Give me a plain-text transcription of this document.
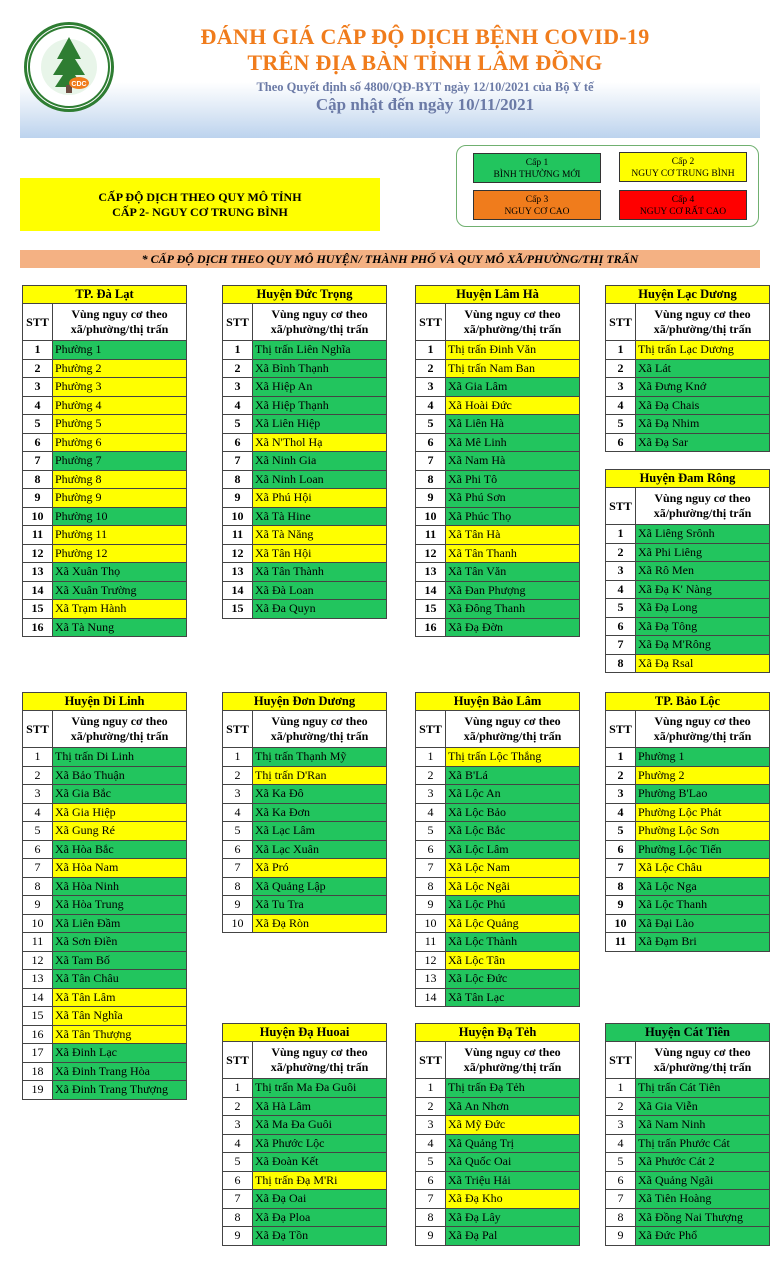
CDC
ĐÁNH GIÁ CẤP ĐỘ DỊCH BỆNH COVID-19
TRÊN ĐỊA BÀN TỈNH LÂM ĐỒNG
Theo Quyết định số 4800/QĐ-BYT ngày 12/10/2021 của Bộ Y tế
Cập nhật đến ngày 10/11/2021
Cấp 1
BÌNH THƯỜNG MỚI
Cấp 2
NGUY CƠ TRUNG BÌNH
Cấp 3
NGUY CƠ CAO
Cấp 4
NGUY CƠ RẤT CAO
CẤP ĐỘ DỊCH THEO QUY MÔ TỈNH
CẤP 2- NGUY CƠ TRUNG BÌNH
* CẤP ĐỘ DỊCH THEO QUY MÔ HUYỆN/ THÀNH PHỐ VÀ QUY MÔ XÃ/PHƯỜNG/THỊ TRẤN
TP. Đà Lạt	
STT	Vùng nguy cơ theo xã/phường/thị trấn
1	Phường 1
2	Phường 2
3	Phường 3
4	Phường 4
5	Phường 5
6	Phường 6
7	Phường 7
8	Phường 8
9	Phường 9
10	Phường 10
11	Phường 11
12	Phường 12
13	Xã Xuân Thọ
14	Xã Xuân Trường
15	Xã Trạm Hành
16	Xã Tà Nung
Huyện Đức Trọng	
STT	Vùng nguy cơ theo xã/phường/thị trấn
1	Thị trấn Liên Nghĩa
2	Xã Bình Thạnh
3	Xã Hiệp An
4	Xã Hiệp Thạnh
5	Xã Liên Hiệp
6	Xã N'Thol Hạ
7	Xã Ninh Gia
8	Xã Ninh Loan
9	Xã Phú Hội
10	Xã Tà Hine
11	Xã Tà Năng
12	Xã Tân Hội
13	Xã Tân Thành
14	Xã Đà Loan
15	Xã Đa Quyn
Huyện Lâm Hà	
STT	Vùng nguy cơ theo xã/phường/thị trấn
1	Thị trấn Đinh Văn
2	Thị trấn Nam Ban
3	Xã Gia Lâm
4	Xã Hoài Đức
5	Xã Liên Hà
6	Xã Mê Linh
7	Xã Nam Hà
8	Xã Phi Tô
9	Xã Phú Sơn
10	Xã Phúc Thọ
11	Xã Tân Hà
12	Xã Tân Thanh
13	Xã Tân Văn
14	Xã Đan Phượng
15	Xã Đông Thanh
16	Xã Đạ Đờn
Huyện Lạc Dương	
STT	Vùng nguy cơ theo xã/phường/thị trấn
1	Thị trấn Lạc Dương
2	Xã Lát
3	Xã Đưng Knớ
4	Xã Đạ Chais
5	Xã Đạ Nhim
6	Xã Đạ Sar
Huyện Đam Rông	
STT	Vùng nguy cơ theo xã/phường/thị trấn
1	Xã Liêng Srônh
2	Xã Phi Liêng
3	Xã Rô Men
4	Xã Đạ K' Nàng
5	Xã Đạ Long
6	Xã Đạ Tông
7	Xã Đạ M'Rông
8	Xã Đạ Rsal
Huyện Di Linh	
STT	Vùng nguy cơ theo xã/phường/thị trấn
1	Thị trấn Di Linh
2	Xã Bảo Thuận
3	Xã Gia Bắc
4	Xã Gia Hiệp
5	Xã Gung Ré
6	Xã Hòa Bắc
7	Xã Hòa Nam
8	Xã Hòa Ninh
9	Xã Hòa Trung
10	Xã Liên Đầm
11	Xã Sơn Điền
12	Xã Tam Bố
13	Xã Tân Châu
14	Xã Tân Lâm
15	Xã Tân Nghĩa
16	Xã Tân Thượng
17	Xã Đinh Lạc
18	Xã Đinh Trang Hòa
19	Xã Đinh Trang Thượng
Huyện Đơn Dương	
STT	Vùng nguy cơ theo xã/phường/thị trấn
1	Thị trấn Thạnh Mỹ
2	Thị trấn D'Ran
3	Xã Ka Đô
4	Xã Ka Đơn
5	Xã Lạc Lâm
6	Xã Lạc Xuân
7	Xã Pró
8	Xã Quảng Lập
9	Xã Tu Tra
10	Xã Đạ Ròn
Huyện Bảo Lâm	
STT	Vùng nguy cơ theo xã/phường/thị trấn
1	Thị trấn Lộc Thắng
2	Xã B'Lá
3	Xã Lộc An
4	Xã Lộc Bảo
5	Xã Lộc Bắc
6	Xã Lộc Lâm
7	Xã Lộc Nam
8	Xã Lộc Ngãi
9	Xã Lộc Phú
10	Xã Lộc Quảng
11	Xã Lộc Thành
12	Xã Lộc Tân
13	Xã Lộc Đức
14	Xã Tân Lạc
TP. Bảo Lộc	
STT	Vùng nguy cơ theo xã/phường/thị trấn
1	Phường 1
2	Phường 2
3	Phường B'Lao
4	Phường Lộc Phát
5	Phường Lộc Sơn
6	Phường Lộc Tiến
7	Xã Lộc Châu
8	Xã Lộc Nga
9	Xã Lộc Thanh
10	Xã Đại Lào
11	Xã Đạm Bri
Huyện Đạ Huoai	
STT	Vùng nguy cơ theo xã/phường/thị trấn
1	Thị trấn Ma Đa Guôi
2	Xã Hà Lâm
3	Xã Ma Đa Guôi
4	Xã Phước Lộc
5	Xã Đoàn Kết
6	Thị trấn Đạ M'Ri
7	Xã Đạ Oai
8	Xã Đạ Ploa
9	Xã Đạ Tồn
Huyện Đạ Tẻh	
STT	Vùng nguy cơ theo xã/phường/thị trấn
1	Thị trấn Đạ Tẻh
2	Xã An Nhơn
3	Xã Mỹ Đức
4	Xã Quảng Trị
5	Xã Quốc Oai
6	Xã Triệu Hải
7	Xã Đạ Kho
8	Xã Đạ Lây
9	Xã Đạ Pal
Huyện Cát Tiên	
STT	Vùng nguy cơ theo xã/phường/thị trấn
1	Thị trấn Cát Tiên
2	Xã Gia Viễn
3	Xã Nam Ninh
4	Thị trấn Phước Cát
5	Xã Phước Cát 2
6	Xã Quảng Ngãi
7	Xã Tiên Hoàng
8	Xã Đồng Nai Thượng
9	Xã Đức Phổ
